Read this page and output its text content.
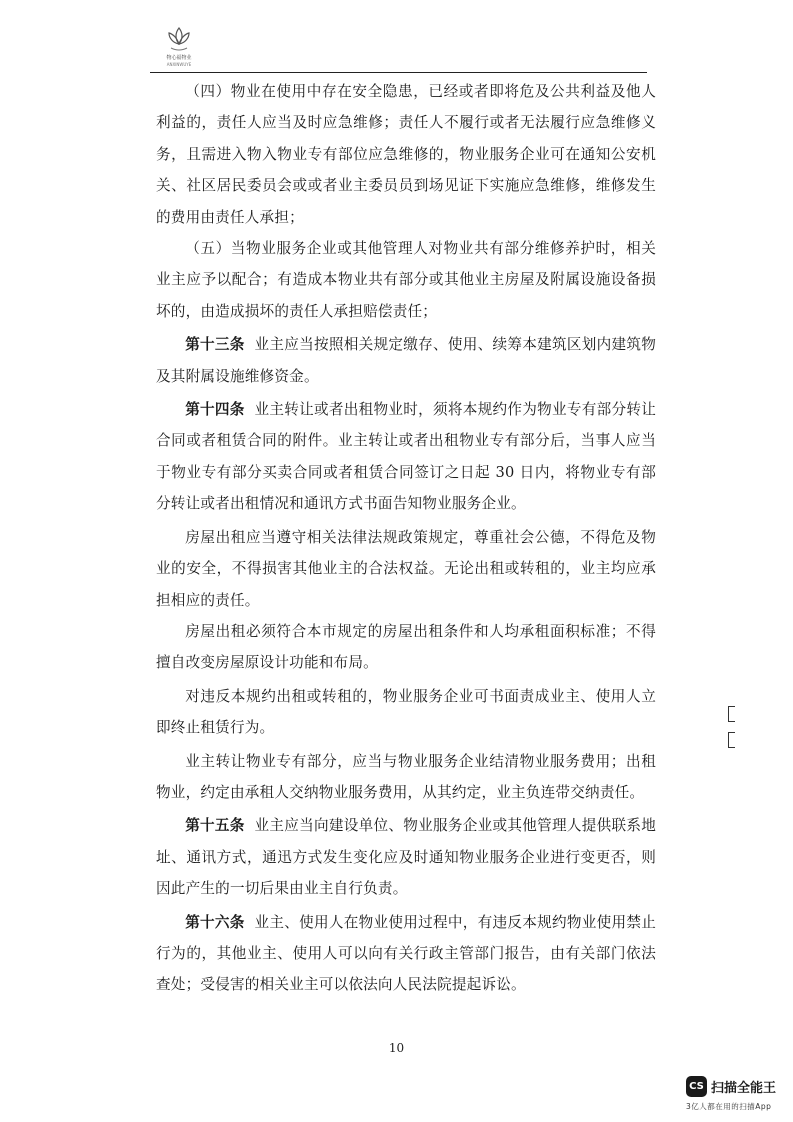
物心福物业
ANXINWUYE

（四）物业在使用中存在安全隐患，已经或者即将危及公共利益及他人利益的，责任人应当及时应急维修；责任人不履行或者无法履行应急维修义务，且需进入物入物业专有部位应急维修的，物业服务企业可在通知公安机关、社区居民委员会或或者业主委员员到场见证下实施应急维修，维修发生的费用由责任人承担；

（五）当物业服务企业或其他管理人对物业共有部分维修养护时，相关业主应予以配合；有造成本物业共有部分或其他业主房屋及附属设施设备损坏的，由造成损坏的责任人承担赔偿责任；

第十三条 业主应当按照相关规定缴存、使用、续筹本建筑区划内建筑物及其附属设施维修资金。

第十四条 业主转让或者出租物业时，须将本规约作为物业专有部分转让合同或者租赁合同的附件。业主转让或者出租物业专有部分后，当事人应当于物业专有部分买卖合同或者租赁合同签订之日起 30 日内，将物业专有部分转让或者出租情况和通讯方式书面告知物业服务企业。

房屋出租应当遵守相关法律法规政策规定，尊重社会公德，不得危及物业的安全，不得损害其他业主的合法权益。无论出租或转租的，业主均应承担相应的责任。

房屋出租必须符合本市规定的房屋出租条件和人均承租面积标准；不得擅自改变房屋原设计功能和布局。

对违反本规约出租或转租的，物业服务企业可书面责成业主、使用人立即终止租赁行为。

业主转让物业专有部分，应当与物业服务企业结清物业服务费用；出租物业，约定由承租人交纳物业服务费用，从其约定，业主负连带交纳责任。

第十五条 业主应当向建设单位、物业服务企业或其他管理人提供联系地址、通讯方式，通迅方式发生变化应及时通知物业服务企业进行变更否，则因此产生的一切后果由业主自行负责。

第十六条 业主、使用人在物业使用过程中，有违反本规约物业使用禁止行为的，其他业主、使用人可以向有关行政主管部门报告，由有关部门依法查处；受侵害的相关业主可以依法向人民法院提起诉讼。

10
CS 扫描全能王
3亿人都在用的扫描App
